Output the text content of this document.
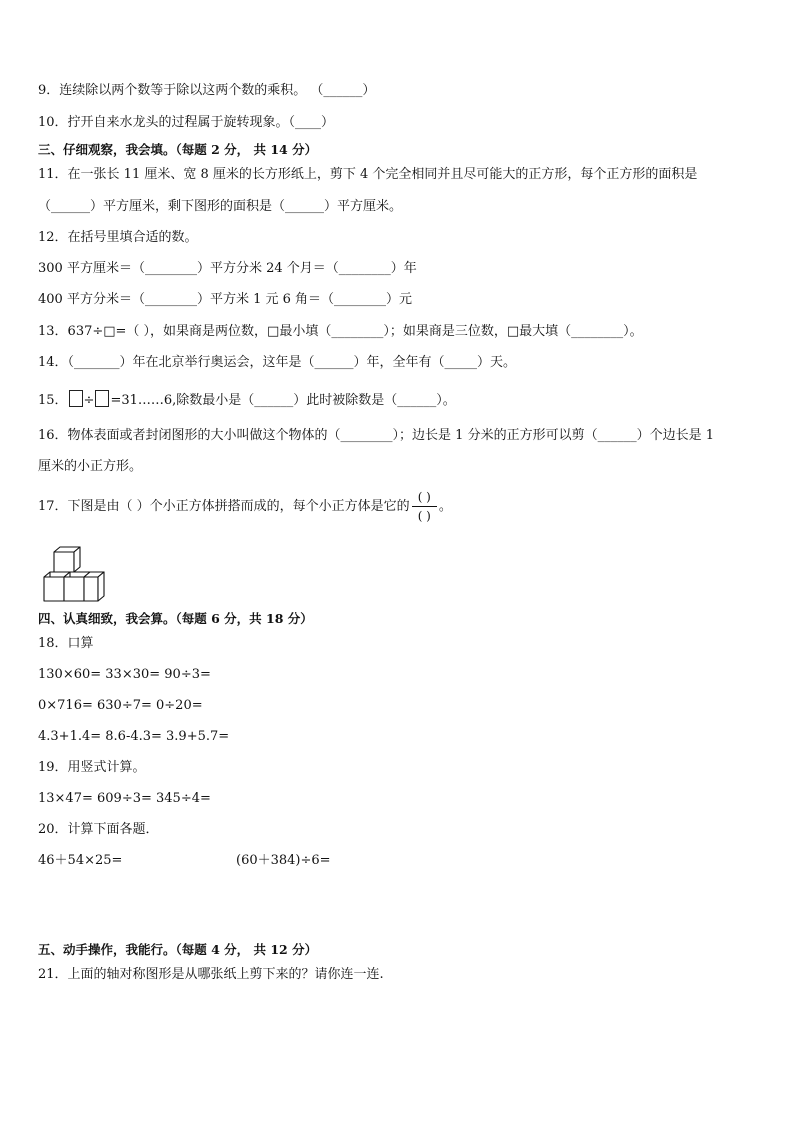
9．连续除以两个数等于除以这两个数的乘积。 （______）
10．拧开自来水龙头的过程属于旋转现象。（____）
三、仔细观察，我会填。（每题 2 分， 共 14 分）
11．在一张长 11 厘米、宽 8 厘米的长方形纸上，剪下 4 个完全相同并且尽可能大的正方形，每个正方形的面积是
（______）平方厘米，剩下图形的面积是（______）平方厘米。
12．在括号里填合适的数。
300 平方厘米＝（________）平方分米 24 个月＝（________）年
400 平方分米＝（________）平方米 1 元 6 角＝（________）元
13．637÷□=（ ），如果商是两位数，□最小填（________）；如果商是三位数，□最大填（________）。
14．（_______）年在北京举行奥运会，这年是（______）年，全年有（_____）天。
15． ÷ =31……6,除数最小是（______）此时被除数是（______）。
16．物体表面或者封闭图形的大小叫做这个物体的（________）；边长是 1 分米的正方形可以剪（______）个边长是 1
厘米的小正方形。
17．下图是由（ ）个小正方体拼搭而成的，每个小正方体是它的 $\frac{( )}{( )}$ 。
四、认真细致，我会算。（每题 6 分，共 18 分）
18．口算
130×60= 33×30= 90÷3=
0×716= 630÷7= 0÷20=
4.3+1.4= 8.6-4.3= 3.9+5.7=
19．用竖式计算。
13×47= 609÷3= 345÷4=
20．计算下面各题．
46＋54×25=	(60＋384)÷6=
五、动手操作，我能行。（每题 4 分， 共 12 分）
21．上面的轴对称图形是从哪张纸上剪下来的？请你连一连.
